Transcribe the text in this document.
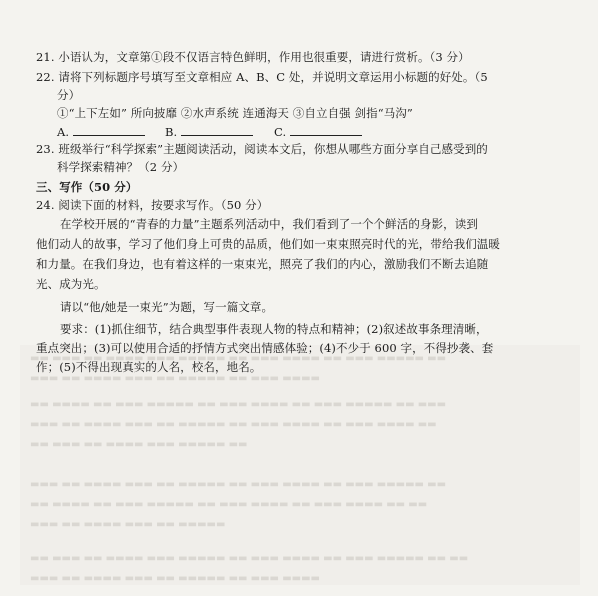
▬▬ ▬▬▬ ▬▬ ▬▬▬▬ ▬▬▬ ▬▬▬▬▬ ▬▬ ▬▬▬ ▬▬▬▬ ▬▬ ▬▬▬ ▬▬▬▬▬ ▬▬
▬▬▬ ▬▬ ▬▬▬▬ ▬▬▬ ▬▬ ▬▬▬▬▬ ▬▬ ▬▬▬ ▬▬▬▬
▬▬ ▬▬▬▬ ▬▬ ▬▬▬ ▬▬▬▬▬ ▬▬ ▬▬▬ ▬▬▬▬ ▬▬ ▬▬▬ ▬▬▬▬▬ ▬▬ ▬▬▬
▬▬▬ ▬▬ ▬▬▬▬ ▬▬▬ ▬▬ ▬▬▬▬▬ ▬▬ ▬▬▬ ▬▬▬▬ ▬▬ ▬▬▬ ▬▬▬▬ ▬▬
▬▬ ▬▬▬ ▬▬ ▬▬▬▬ ▬▬▬ ▬▬▬▬▬ ▬▬
▬▬▬ ▬▬ ▬▬▬▬ ▬▬▬ ▬▬ ▬▬▬▬▬ ▬▬ ▬▬▬ ▬▬▬▬ ▬▬ ▬▬▬ ▬▬▬▬▬ ▬▬
▬▬ ▬▬▬▬ ▬▬ ▬▬▬ ▬▬▬▬▬ ▬▬ ▬▬▬ ▬▬▬▬ ▬▬ ▬▬▬ ▬▬▬▬ ▬▬ ▬▬
▬▬▬ ▬▬ ▬▬▬▬ ▬▬▬ ▬▬ ▬▬▬▬▬
▬▬ ▬▬▬ ▬▬ ▬▬▬▬ ▬▬▬ ▬▬▬▬▬ ▬▬ ▬▬▬ ▬▬▬▬ ▬▬ ▬▬▬ ▬▬▬▬▬ ▬▬ ▬▬
▬▬▬ ▬▬ ▬▬▬▬ ▬▬▬ ▬▬ ▬▬▬▬▬ ▬▬ ▬▬▬ ▬▬▬▬
21. 小语认为，文章第①段不仅语言特色鲜明，作用也很重要，请进行赏析。（3 分）
22. 请将下列标题序号填写至文章相应 A、B、C 处，并说明文章运用小标题的好处。（5
分）
①“上下左如” 所向披靡 ②水声系统 连通海天 ③自立自强 剑指“马沟”
A.	B.	C.
23. 班级举行“科学探索”主题阅读活动，阅读本文后，你想从哪些方面分享自己感受到的
科学探索精神？（2 分）
三、写作（50 分）
24. 阅读下面的材料，按要求写作。（50 分）
在学校开展的“青春的力量”主题系列活动中，我们看到了一个个鲜活的身影，读到
他们动人的故事，学习了他们身上可贵的品质，他们如一束束照亮时代的光，带给我们温暖
和力量。在我们身边，也有着这样的一束束光，照亮了我们的内心，激励我们不断去追随
光、成为光。
请以“他/她是一束光”为题，写一篇文章。
要求：(1)抓住细节，结合典型事件表现人物的特点和精神；(2)叙述故事条理清晰，
重点突出；(3)可以使用合适的抒情方式突出情感体验；(4)不少于 600 字，不得抄袭、套
作；(5)不得出现真实的人名，校名，地名。
